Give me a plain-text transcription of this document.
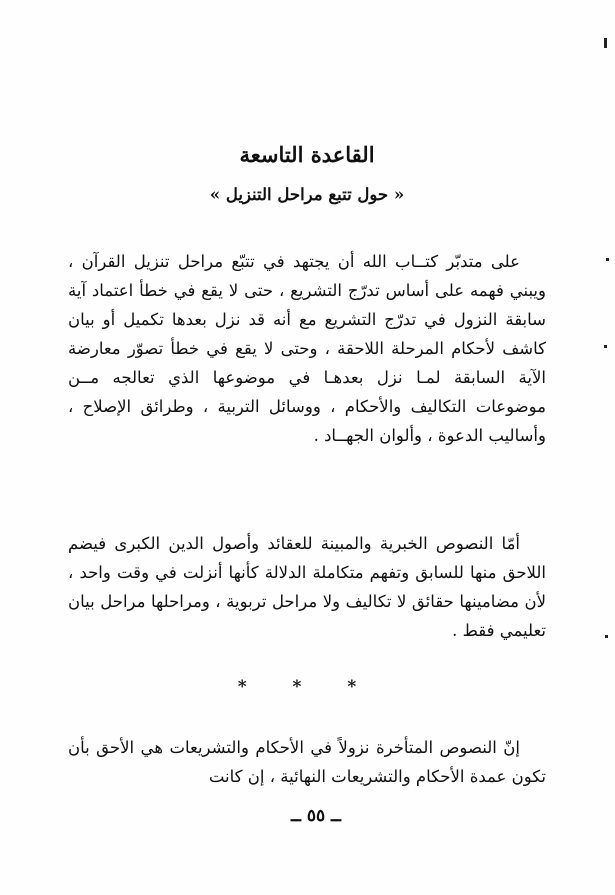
القاعدة التاسعة
« حول تتبع مراحل التنزيل »

على متدبّر كتــاب الله أن يجتهد في تتبّع مراحل تنزيل القرآن ، ويبني فهمه على أساس تدرّج التشريع ، حتى لا يقع في خطأ اعتماد آية سابقة النزول في تدرّج التشريع مع أنه قد نزل بعدها تكميل أو بيان كاشف لأحكام المرحلة اللاحقة ، وحتى لا يقع في خطأ تصوّر معارضة الآية السابقة لمـا نزل بعدهـا في موضوعها الذي تعالجه مــن موضوعات التكاليف والأحكام ، ووسائل التربية ، وطرائق الإصلاح ، وأساليب الدعوة ، وألوان الجهــاد .

أمّا النصوص الخبرية والمبينة للعقائد وأصول الدين الكبرى فيضم اللاحق منها للسابق وتفهم متكاملة الدلالة كأنها أنزلت في وقت واحد ، لأن مضامينها حقائق لا تكاليف ولا مراحل تربوية ، ومراحلها مراحل بيان تعليمي فقط .

* * *

إنّ النصوص المتأخرة نزولاً في الأحكام والتشريعات هي الأحق بأن تكون عمدة الأحكام والتشريعات النهائية ، إن كانت

ــ ٥٥ ــ
